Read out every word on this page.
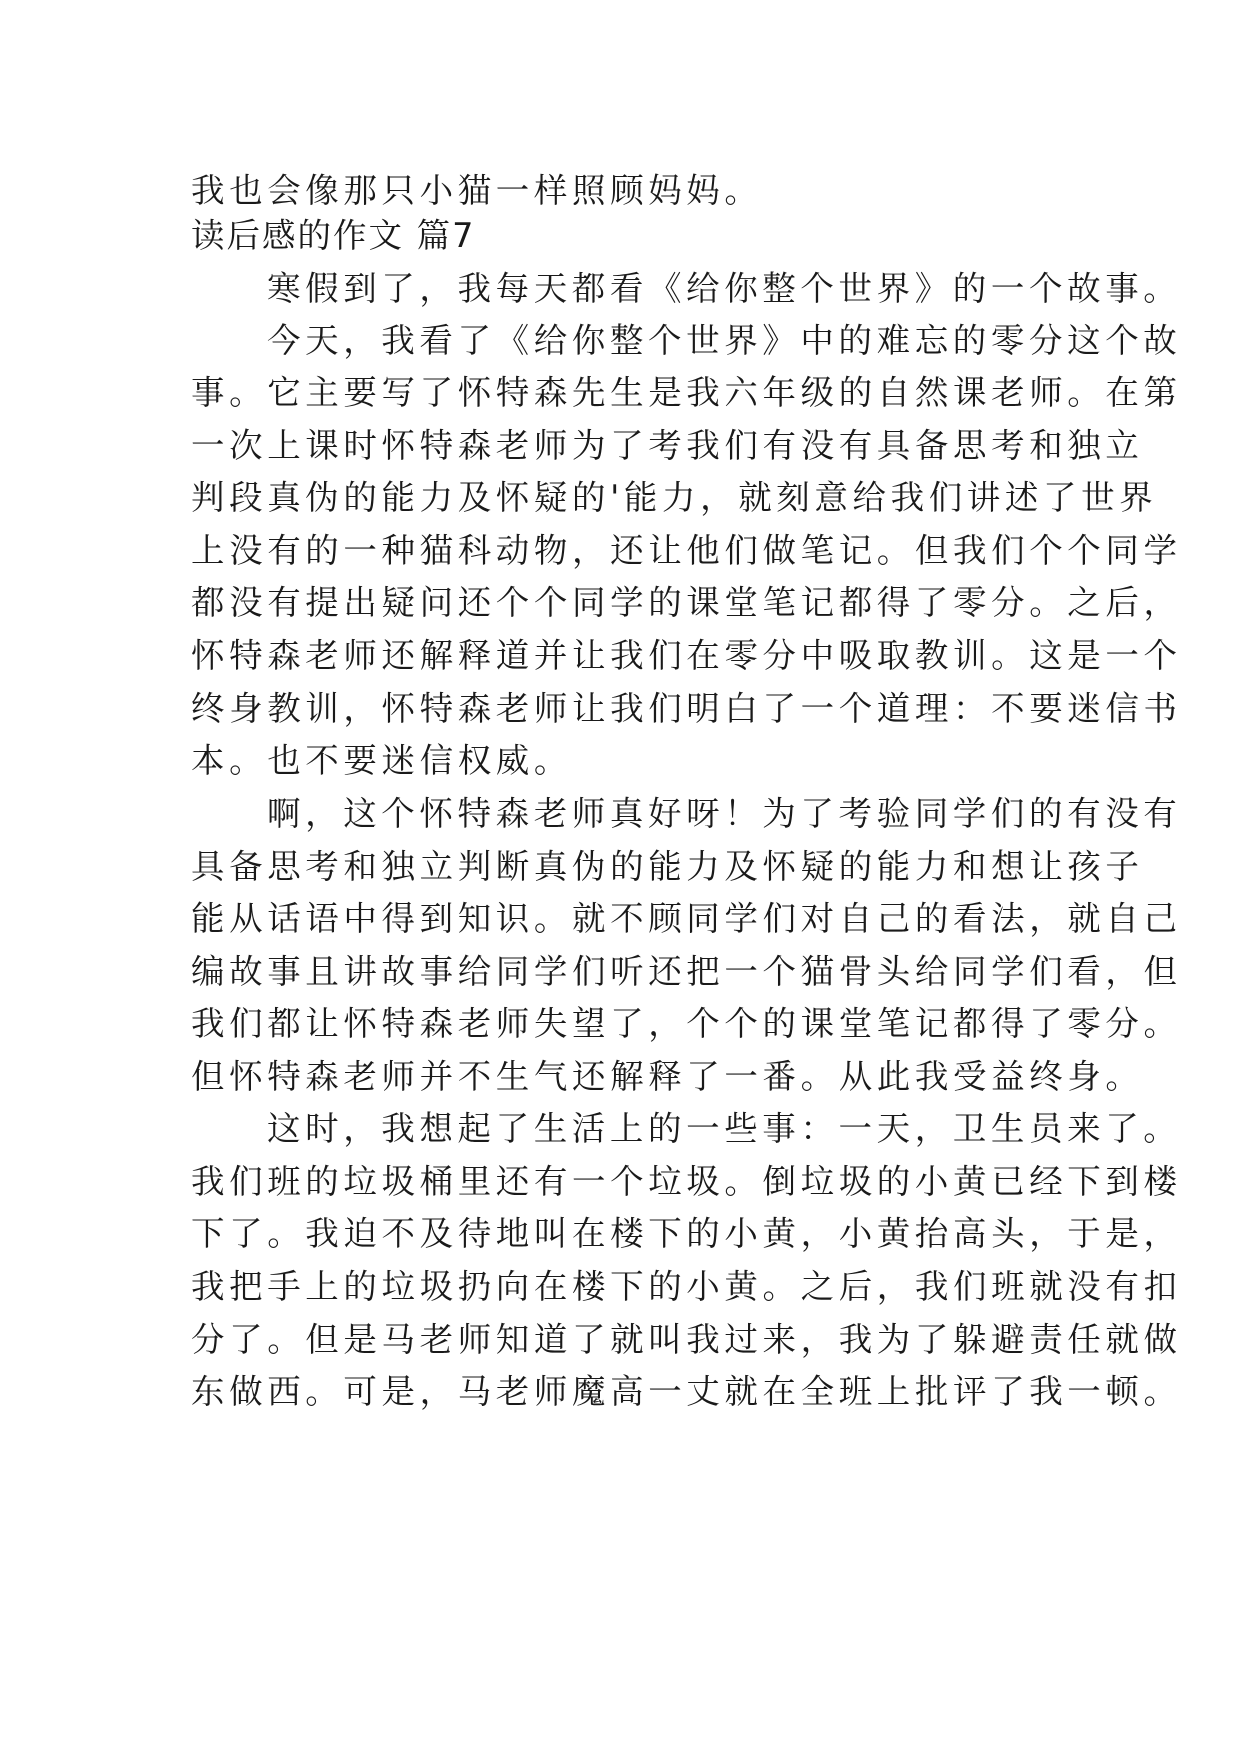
我也会像那只小猫一样照顾妈妈。
读后感的作文 篇7
寒假到了，我每天都看《给你整个世界》的一个故事。
今天，我看了《给你整个世界》中的难忘的零分这个故
事。它主要写了怀特森先生是我六年级的自然课老师。在第
一次上课时怀特森老师为了考我们有没有具备思考和独立
判段真伪的能力及怀疑的'能力，就刻意给我们讲述了世界
上没有的一种猫科动物，还让他们做笔记。但我们个个同学
都没有提出疑问还个个同学的课堂笔记都得了零分。之后，
怀特森老师还解释道并让我们在零分中吸取教训。这是一个
终身教训，怀特森老师让我们明白了一个道理：不要迷信书
本。也不要迷信权威。
啊，这个怀特森老师真好呀！为了考验同学们的有没有
具备思考和独立判断真伪的能力及怀疑的能力和想让孩子
能从话语中得到知识。就不顾同学们对自己的看法，就自己
编故事且讲故事给同学们听还把一个猫骨头给同学们看，但
我们都让怀特森老师失望了，个个的课堂笔记都得了零分。
但怀特森老师并不生气还解释了一番。从此我受益终身。
这时，我想起了生活上的一些事：一天，卫生员来了。
我们班的垃圾桶里还有一个垃圾。倒垃圾的小黄已经下到楼
下了。我迫不及待地叫在楼下的小黄，小黄抬高头，于是，
我把手上的垃圾扔向在楼下的小黄。之后，我们班就没有扣
分了。但是马老师知道了就叫我过来，我为了躲避责任就做
东做西。可是，马老师魔高一丈就在全班上批评了我一顿。
